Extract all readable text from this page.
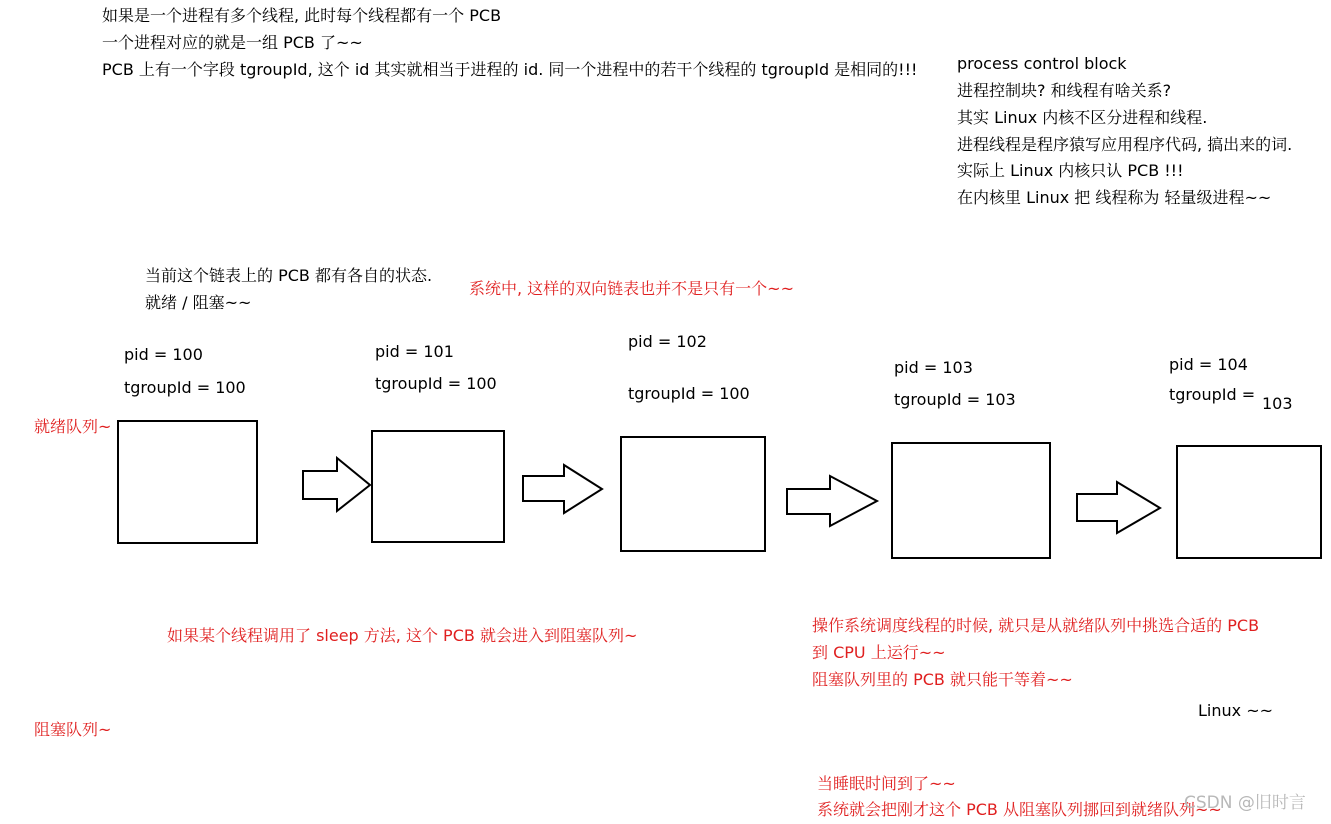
如果是一个进程有多个线程, 此时每个线程都有一个 PCB
一个进程对应的就是一组 PCB 了~~
PCB 上有一个字段 tgroupId, 这个 id 其实就相当于进程的 id. 同一个进程中的若干个线程的 tgroupId 是相同的!!! process control block
进程控制块? 和线程有啥关系?
其实 Linux 内核不区分进程和线程.
进程线程是程序猿写应用程序代码, 搞出来的词.
实际上 Linux 内核只认 PCB !!!
在内核里 Linux 把 线程称为 轻量级进程~~
当前这个链表上的 PCB 都有各自的状态.
就绪 / 阻塞~~
系统中, 这样的双向链表也并不是只有一个~~
就绪队列~
阻塞队列~
pid = 100
tgroupId = 100
pid = 101
tgroupId = 100
pid = 102
tgroupId = 100
pid = 103
tgroupId = 103
pid = 104
tgroupId = 103
如果某个线程调用了 sleep 方法, 这个 PCB 就会进入到阻塞队列~
操作系统调度线程的时候, 就只是从就绪队列中挑选合适的 PCB
到 CPU 上运行~~
阻塞队列里的 PCB 就只能干等着~~
Linux ~~
当睡眠时间到了~~
系统就会把刚才这个 PCB 从阻塞队列挪回到就绪队列~~
CSDN @旧时言
